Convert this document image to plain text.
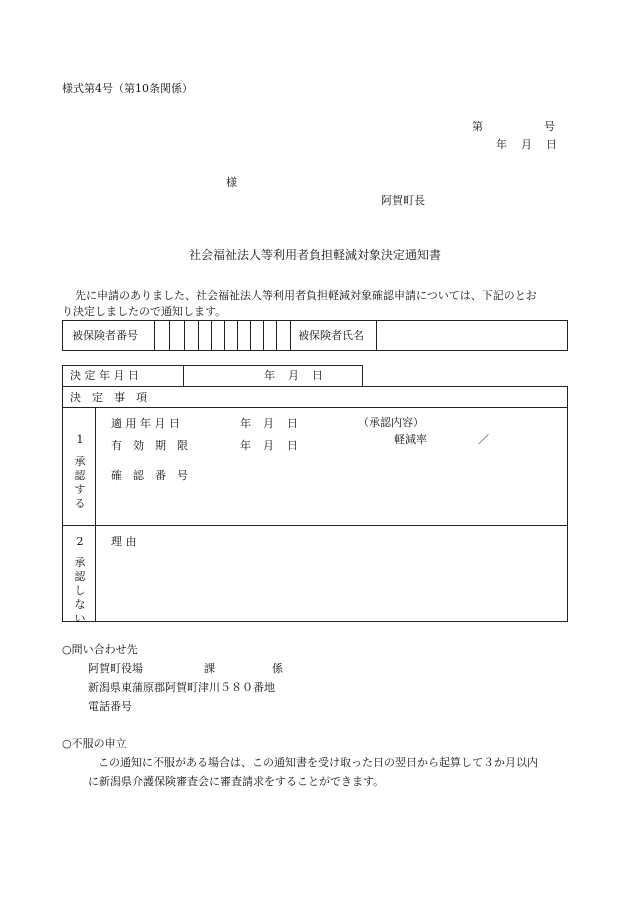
様式第4号（第10条関係）
第	号
年 月 日
様
阿賀町長
社会福祉法人等利用者負担軽減対象決定通知書
先に申請のありました、社会福祉法人等利用者負担軽減対象確認申請については、下記のとお
り決定しましたので通知します。
被保険者番号	被保険者氏名
決 定 年 月 日	年 月 日
決　定　事　項
1
承認する
適 用 年 月 日	年 月 日	（承認内容）
有　効　期　限	年 月 日	軽減率	／
確　認　番　号
2
承認しない
理 由
○問い合わせ先
阿賀町役場	課	係
新潟県東蒲原郡阿賀町津川５８０番地
電話番号
○不服の申立
この通知に不服がある場合は、この通知書を受け取った日の翌日から起算して３か月以内
に新潟県介護保険審査会に審査請求をすることができます。
